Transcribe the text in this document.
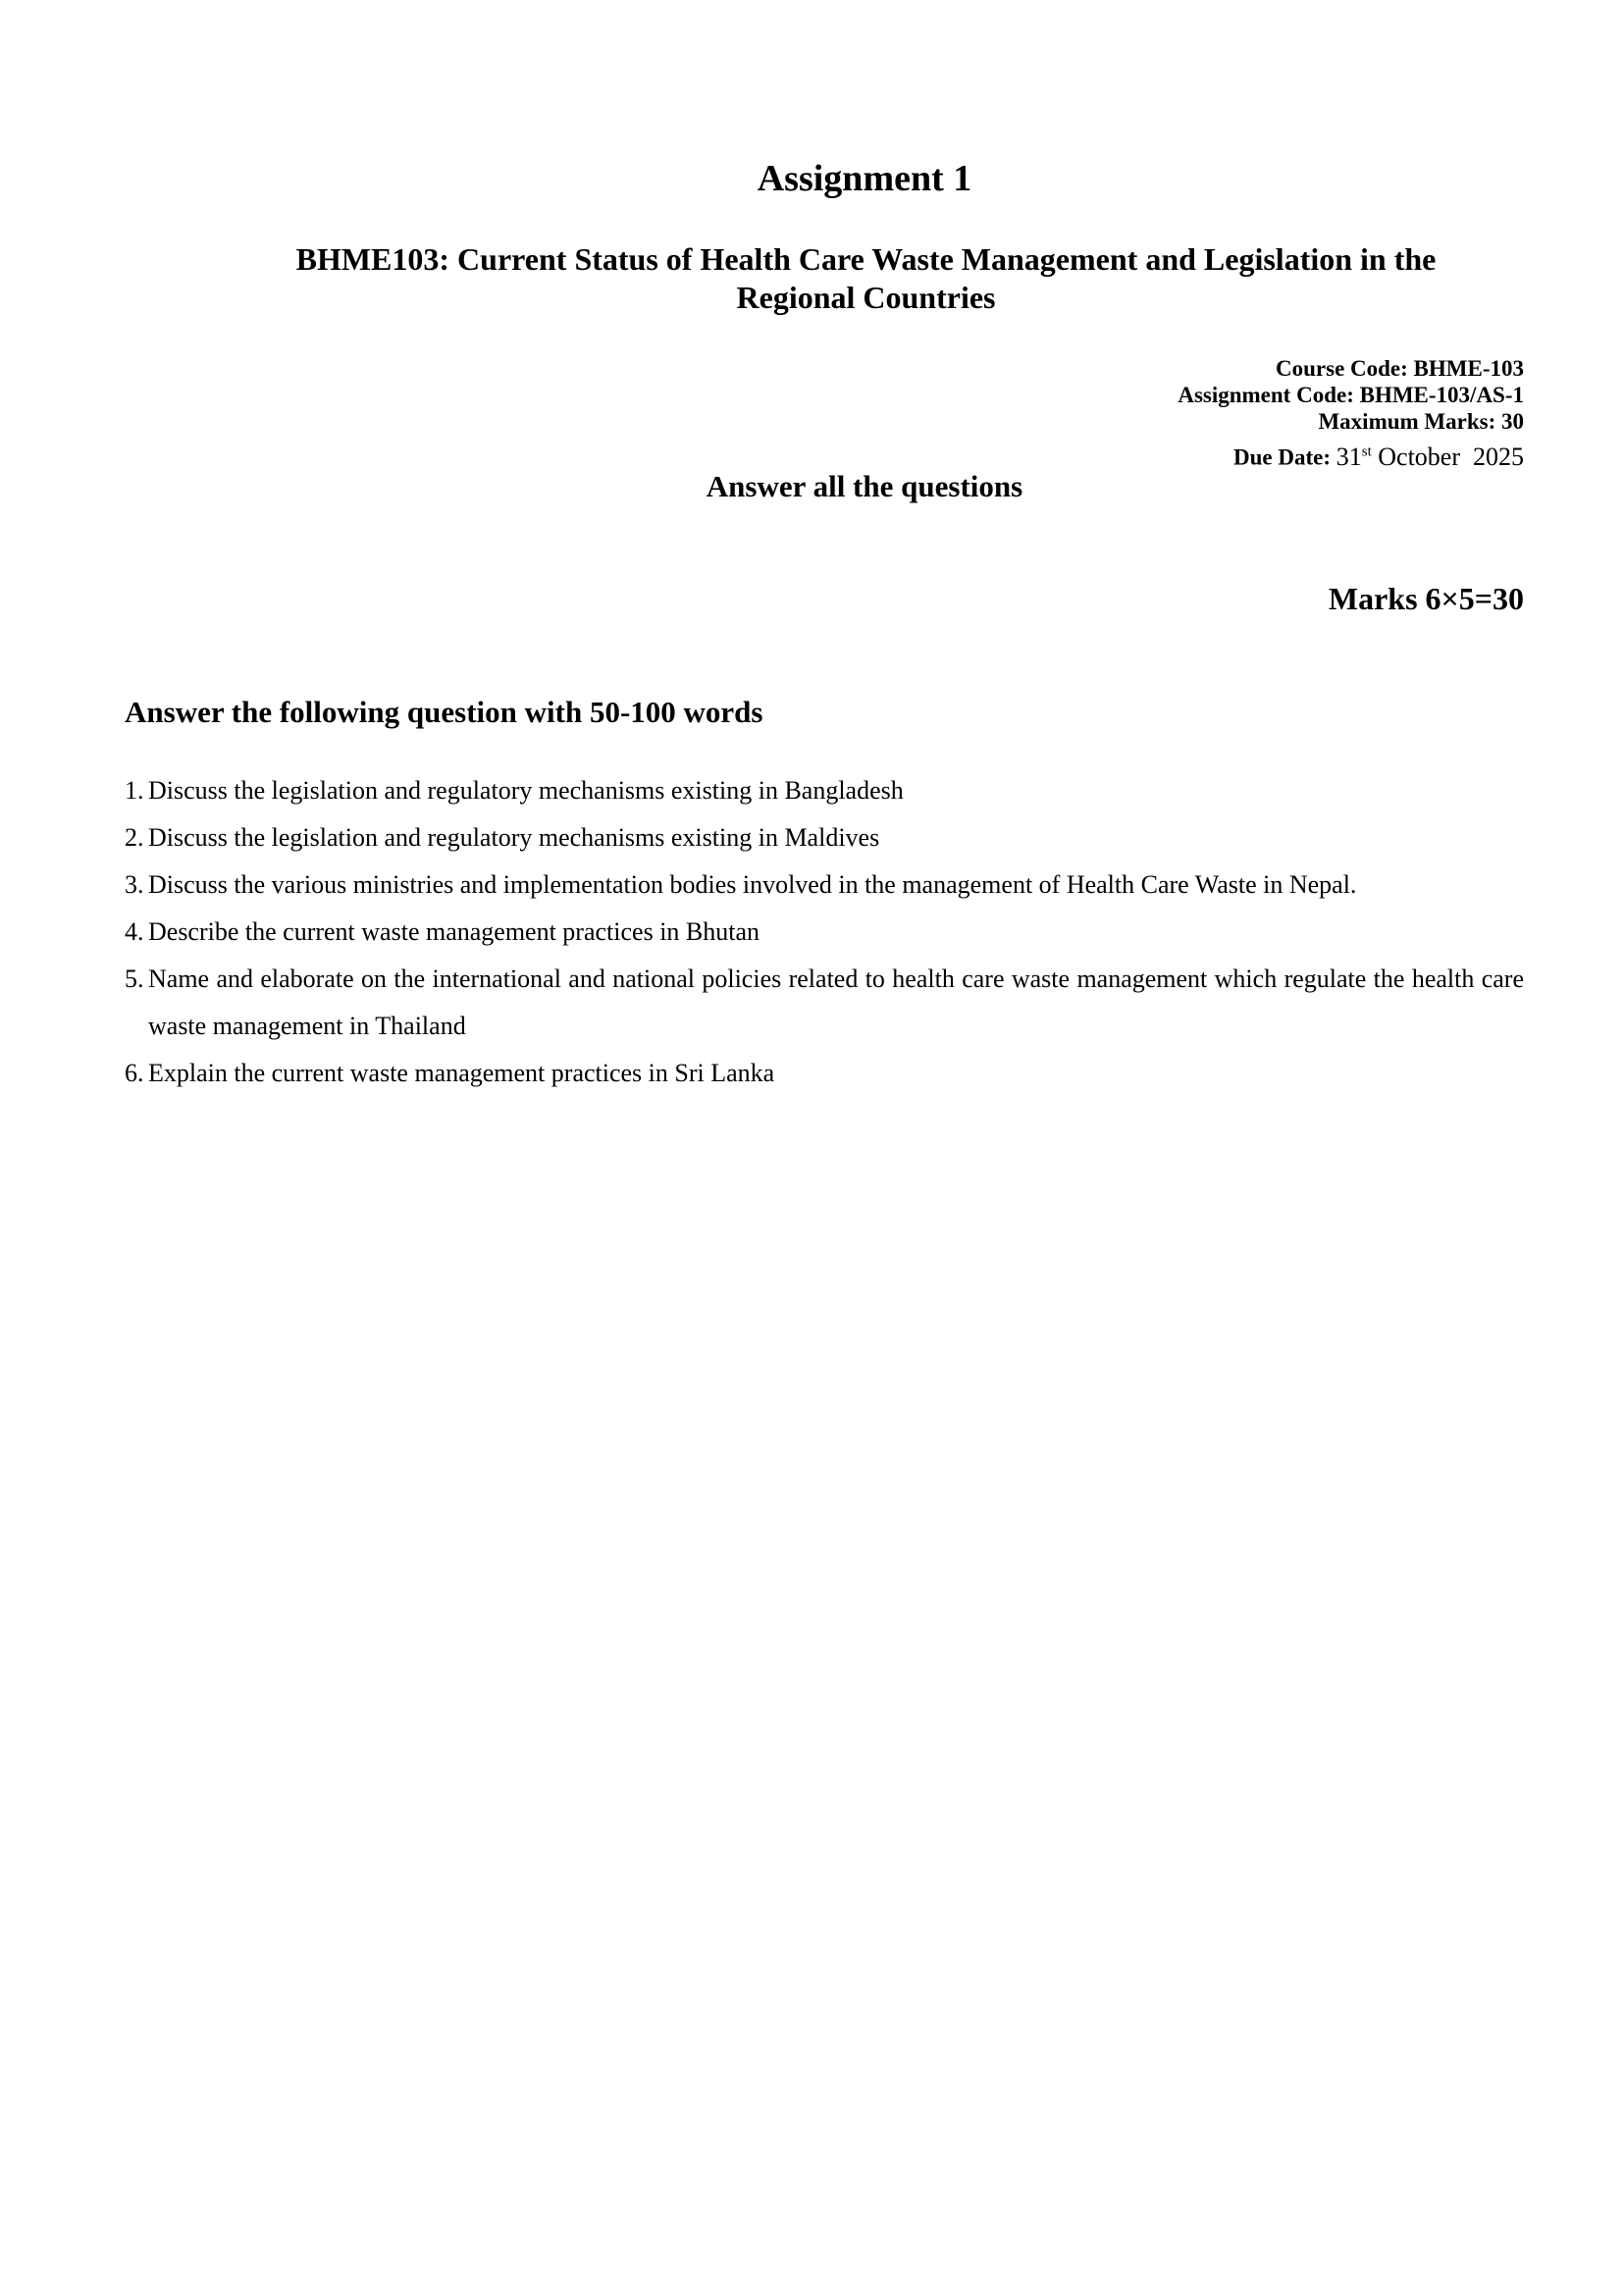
Assignment 1
BHME103: Current Status of Health Care Waste Management and Legislation in the Regional Countries
Course Code: BHME-103
Assignment Code: BHME-103/AS-1
Maximum Marks: 30
Due Date: 31st October  2025
Answer all the questions
Marks 6×5=30
Answer the following question with 50-100 words
1. Discuss the legislation and regulatory mechanisms existing in Bangladesh
2. Discuss the legislation and regulatory mechanisms existing in Maldives
3. Discuss the various ministries and implementation bodies involved in the management of Health Care Waste in Nepal.
4. Describe the current waste management practices in Bhutan
5. Name and elaborate on the international and national policies related to health care waste management which regulate the health care waste management in Thailand
6. Explain the current waste management practices in Sri Lanka
